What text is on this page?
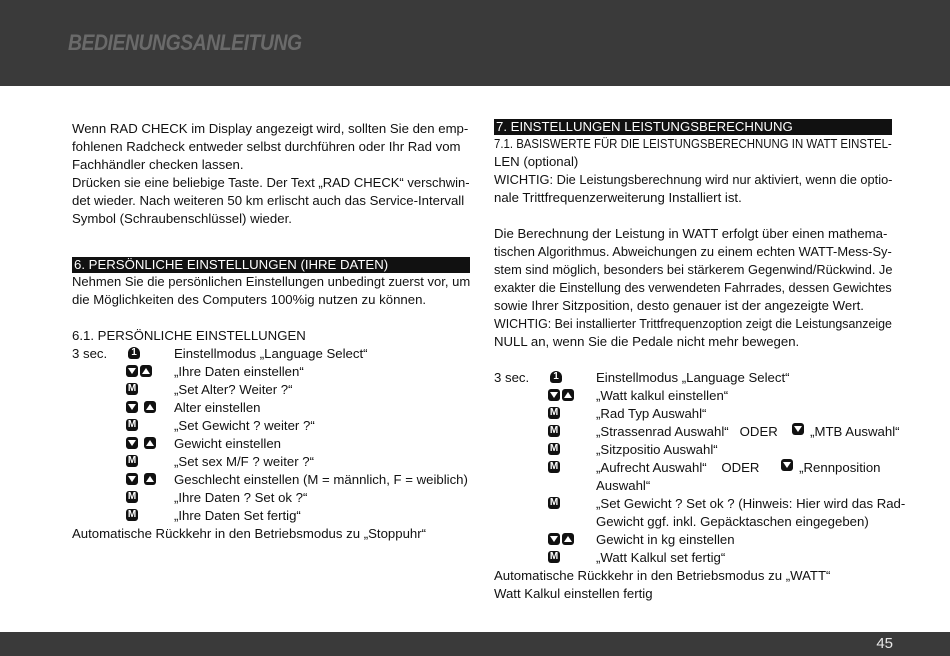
BEDIENUNGSANLEITUNG

Wenn RAD CHECK im Display angezeigt wird, sollten Sie den emp-

fohlenen Radcheck entweder selbst durchführen oder Ihr Rad vom

Fachhändler checken lassen.

Drücken sie eine beliebige Taste. Der Text „RAD CHECK“ verschwin-

det wieder. Nach weiteren 50 km erlischt auch das Service-Intervall

Symbol (Schraubenschlüssel) wieder.

6. PERSÖNLICHE EINSTELLUNGEN (IHRE DATEN)

Nehmen Sie die persönlichen Einstellungen unbedingt zuerst vor, um

die Möglichkeiten des Computers 100%ig nutzen zu können.

6.1. PERSÖNLICHE EINSTELLUNGEN

3 sec.	1	Einstellmodus „Language Select“
„Ihre Daten einstellen“
M	„Set Alter? Weiter ?“

Alter einstellen
M	„Set Gewicht ? weiter ?“

Gewicht einstellen
M	„Set sex M/F ? weiter ?“

Geschlecht einstellen (M = männlich, F = weiblich)
M	„Ihre Daten ? Set ok ?“
M	„Ihre Daten Set fertig“

Automatische Rückkehr in den Betriebsmodus zu „Stoppuhr“

7. EINSTELLUNGEN LEISTUNGSBERECHNUNG

7.1. BASISWERTE FÜR DIE LEISTUNGSBERECHNUNG IN WATT EINSTEL-

LEN (optional)

WICHTIG: Die Leistungsberechnung wird nur aktiviert, wenn die optio-

nale Trittfrequenzerweiterung Installiert ist.

Die Berechnung der Leistung in WATT erfolgt über einen mathema-

tischen Algorithmus. Abweichungen zu einem echten WATT-Mess-Sy-

stem sind möglich, besonders bei stärkerem Gegenwind/Rückwind. Je

exakter die Einstellung des verwendeten Fahrrades, dessen Gewichtes

sowie Ihrer Sitzposition, desto genauer ist der angezeigte Wert.

WICHTIG: Bei installierter Trittfrequenzoption zeigt die Leistungsanzeige

NULL an, wenn Sie die Pedale nicht mehr bewegen.

3 sec.	1	Einstellmodus „Language Select“
„Watt kalkul einstellen“
M	„Rad Typ Auswahl“
M	„Strassenrad Auswahl“ ODER „MTB Auswahl“
M	„Sitzpositio Auswahl“
M	„Aufrecht Auswahl“ ODER	„Rennposition
Auswahl“
M	„Set Gewicht ? Set ok ? (Hinweis: Hier wird das Rad-
Gewicht ggf. inkl. Gepäcktaschen eingegeben)
Gewicht in kg einstellen
M	„Watt Kalkul set fertig“

Automatische Rückkehr in den Betriebsmodus zu „WATT“

Watt Kalkul einstellen fertig

45
